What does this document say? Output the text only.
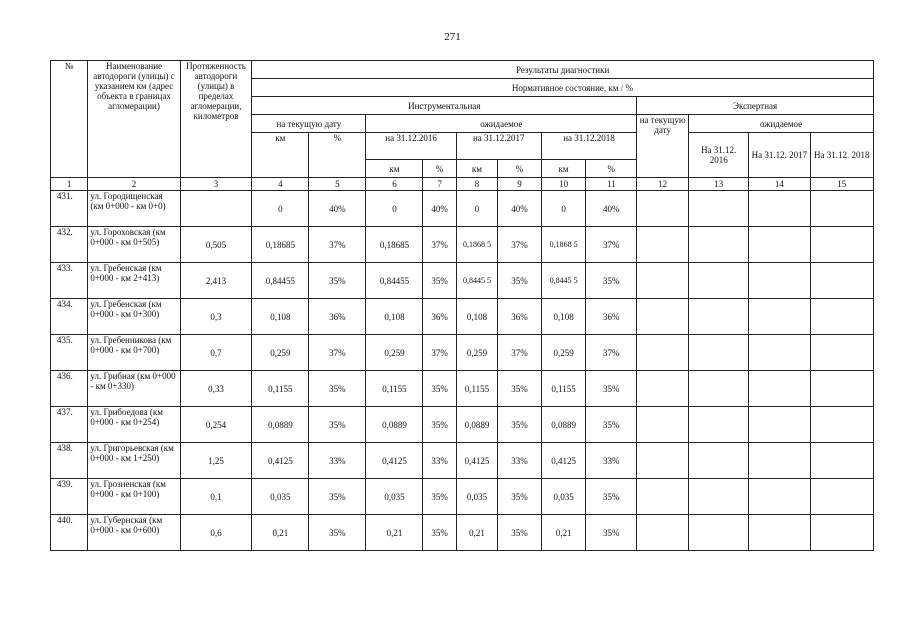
271
№	Наименование автодороги (улицы) с указанием км (адрес объекта в границах агломерации)	Протяженность автодороги (улицы) в пределах агломерации, километров	Результаты диагностики											
			Нормативное состояние, км / %											
			Инструментальная								Экспертная			
			на текущую дату		ожидаемое						на текущую дату	ожидаемое		
			км	%	на 31.12.2016		на 31.12.2017		на 31.12.2018			На 31.12. 2016	На 31.12. 2017	На 31.12. 2018
					км	%	км	%	км	%				
1	2	3	4	5	6	7	8	9	10	11	12	13	14	15
431.	ул. Городищенская (км 0+000 - км 0+0)		0	40%	0	40%	0	40%	0	40%				
432.	ул. Гороховская (км 0+000 - км 0+505)	0,505	0,18685	37%	0,18685	37%	0,1868 5	37%	0,1868 5	37%				
433.	ул. Гребенская (км 0+000 - км 2+413)	2,413	0,84455	35%	0,84455	35%	0,8445 5	35%	0,8445 5	35%				
434.	ул. Гребенская (км 0+000 - км 0+300)	0,3	0,108	36%	0,108	36%	0,108	36%	0,108	36%				
435.	ул. Гребенникова (км 0+000 - км 0+700)	0,7	0,259	37%	0,259	37%	0,259	37%	0,259	37%				
436.	ул. Грибная (км 0+000 - км 0+330)	0,33	0,1155	35%	0,1155	35%	0,1155	35%	0,1155	35%				
437.	ул. Грибоедова (км 0+000 - км 0+254)	0,254	0,0889	35%	0,0889	35%	0,0889	35%	0,0889	35%				
438.	ул. Григорьевская (км 0+000 - км 1+250)	1,25	0,4125	33%	0,4125	33%	0,4125	33%	0,4125	33%				
439.	ул. Грозненская (км 0+000 - км 0+100)	0,1	0,035	35%	0,035	35%	0,035	35%	0,035	35%				
440.	ул. Губернская (км 0+000 - км 0+600)	0,6	0,21	35%	0,21	35%	0,21	35%	0,21	35%				
